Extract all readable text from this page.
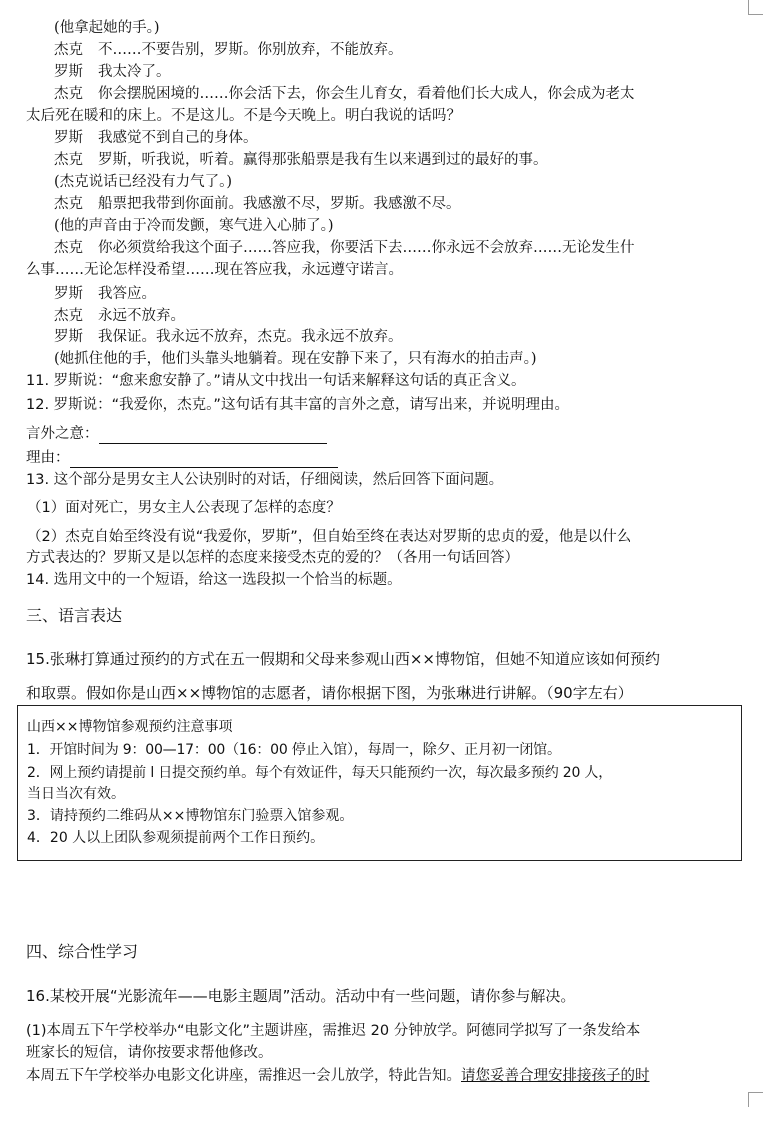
(他拿起她的手。)
杰克 不……不要告别，罗斯。你别放弃，不能放弃。
罗斯 我太冷了。
杰克 你会摆脱困境的……你会活下去，你会生儿育女，看着他们长大成人，你会成为老太
太后死在暖和的床上。不是这儿。不是今天晚上。明白我说的话吗？
罗斯 我感觉不到自己的身体。
杰克 罗斯，听我说，听着。赢得那张船票是我有生以来遇到过的最好的事。
(杰克说话已经没有力气了。)
杰克 船票把我带到你面前。我感激不尽，罗斯。我感激不尽。
(他的声音由于冷而发颤，寒气进入心肺了。)
杰克 你必须赏给我这个面子……答应我，你要活下去……你永远不会放弃……无论发生什
么事……无论怎样没希望……现在答应我，永远遵守诺言。
罗斯 我答应。
杰克 永远不放弃。
罗斯 我保证。我永远不放弃，杰克。我永远不放弃。
(她抓住他的手，他们头靠头地躺着。现在安静下来了，只有海水的拍击声。)
11. 罗斯说：“愈来愈安静了。”请从文中找出一句话来解释这句话的真正含义。
12. 罗斯说：“我爱你，杰克。”这句话有其丰富的言外之意，请写出来，并说明理由。
言外之意：
理由：
13. 这个部分是男女主人公诀别时的对话，仔细阅读，然后回答下面问题。
（1）面对死亡，男女主人公表现了怎样的态度？
（2）杰克自始至终没有说“我爱你，罗斯”，但自始至终在表达对罗斯的忠贞的爱，他是以什么
方式表达的？罗斯又是以怎样的态度来接受杰克的爱的？（各用一句话回答）
14. 选用文中的一个短语，给这一选段拟一个恰当的标题。
三、语言表达
15.张琳打算通过预约的方式在五一假期和父母来参观山西××博物馆，但她不知道应该如何预约
和取票。假如你是山西××博物馆的志愿者，请你根据下图，为张琳进行讲解。（90字左右）
山西××博物馆参观预约注意事项
1．开馆时间为 9：00—17：00（16：00 停止入馆），每周一，除夕、正月初一闭馆。
2．网上预约请提前 l 日提交预约单。每个有效证件，每天只能预约一次，每次最多预约 20 人，
当日当次有效。
3．请持预约二维码从××博物馆东门验票入馆参观。
4．20 人以上团队参观须提前两个工作日预约。
四、综合性学习
16.某校开展“光影流年——电影主题周”活动。活动中有一些问题，请你参与解决。
(1)本周五下午学校举办“电影文化”主题讲座，需推迟 20 分钟放学。阿德同学拟写了一条发给本
班家长的短信，请你按要求帮他修改。
本周五下午学校举办电影文化讲座，需推迟一会儿放学，特此告知。请您妥善合理安排接孩子的时
